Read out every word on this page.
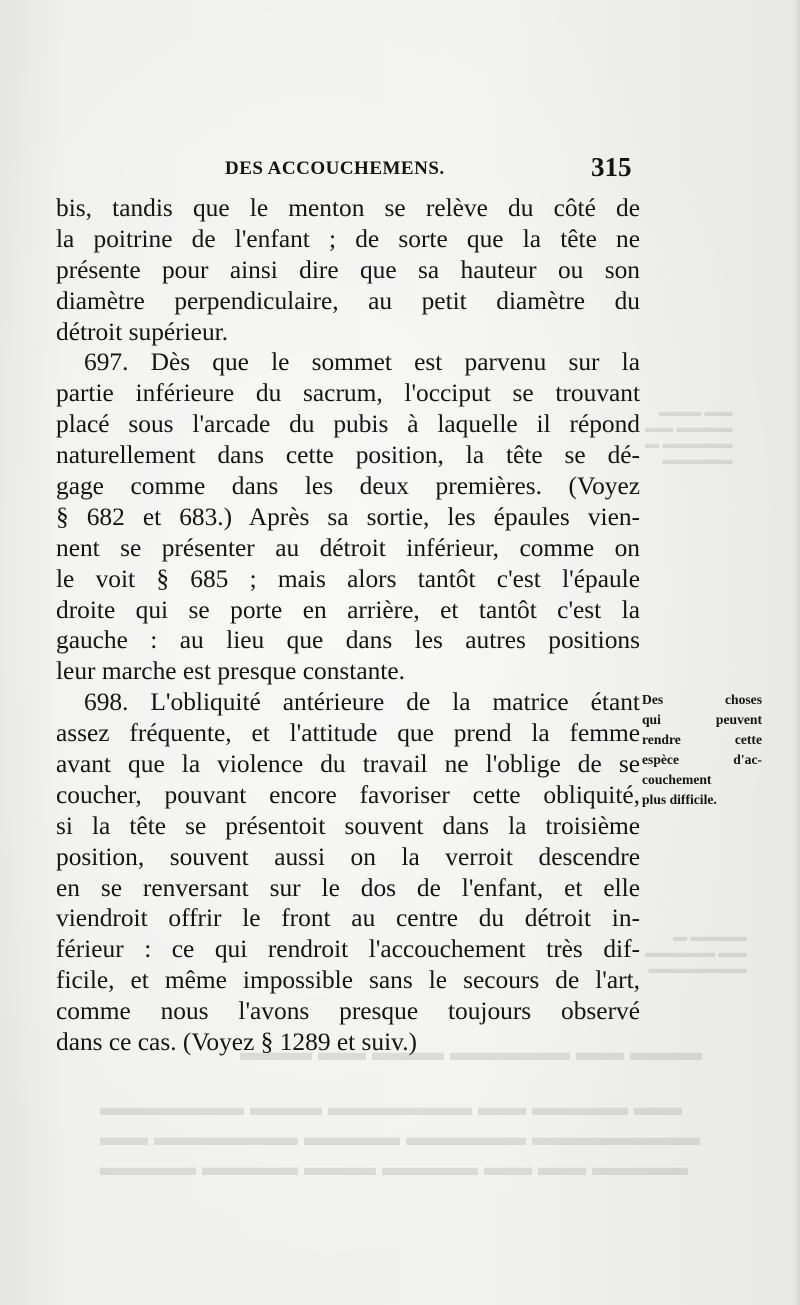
▬▬▬ ▬▬ ▬▬▬▬▬ ▬▬▬ ▬▬ ▬▬▬
▬▬ ▬▬▬▬ ▬▬ ▬▬▬▬▬▬ ▬▬▬ ▬▬▬▬▬▬
▬▬▬▬▬▬▬ ▬▬▬▬▬ ▬▬▬▬ ▬▬▬▬▬▬ ▬▬
▬▬▬▬ ▬▬ ▬▬ ▬▬▬▬ ▬▬▬ ▬▬▬▬ ▬▬▬▬
▬▬ ▬▬▬
▬▬▬▬ ▬▬
▬▬▬▬▬ ▬
▬▬▬▬▬
▬▬▬▬ ▬
▬▬ ▬▬▬▬▬
▬▬▬▬▬▬▬
DES ACCOUCHEMENS.	315
bis, tandis que le menton se relève du côté de
la poitrine de l'enfant ; de sorte que la tête ne
présente pour ainsi dire que sa hauteur ou son
diamètre perpendiculaire, au petit diamètre du
détroit supérieur.
697. Dès que le sommet est parvenu sur la
partie inférieure du sacrum, l'occiput se trouvant
placé sous l'arcade du pubis à laquelle il répond
naturellement dans cette position, la tête se dé-
gage comme dans les deux premières. (Voyez
§ 682 et 683.) Après sa sortie, les épaules vien-
nent se présenter au détroit inférieur, comme on
le voit § 685 ; mais alors tantôt c'est l'épaule
droite qui se porte en arrière, et tantôt c'est la
gauche : au lieu que dans les autres positions
leur marche est presque constante.
698. L'obliquité antérieure de la matrice étant
assez fréquente, et l'attitude que prend la femme
avant que la violence du travail ne l'oblige de se
coucher, pouvant encore favoriser cette obliquité,
si la tête se présentoit souvent dans la troisième
position, souvent aussi on la verroit descendre
en se renversant sur le dos de l'enfant, et elle
viendroit offrir le front au centre du détroit in-
férieur : ce qui rendroit l'accouchement très dif-
ficile, et même impossible sans le secours de l'art,
comme nous l'avons presque toujours observé
dans ce cas. (Voyez § 1289 et suiv.)
Des choses
qui peuvent
rendre cette
espèce d'ac-
couchement
plus difficile.
